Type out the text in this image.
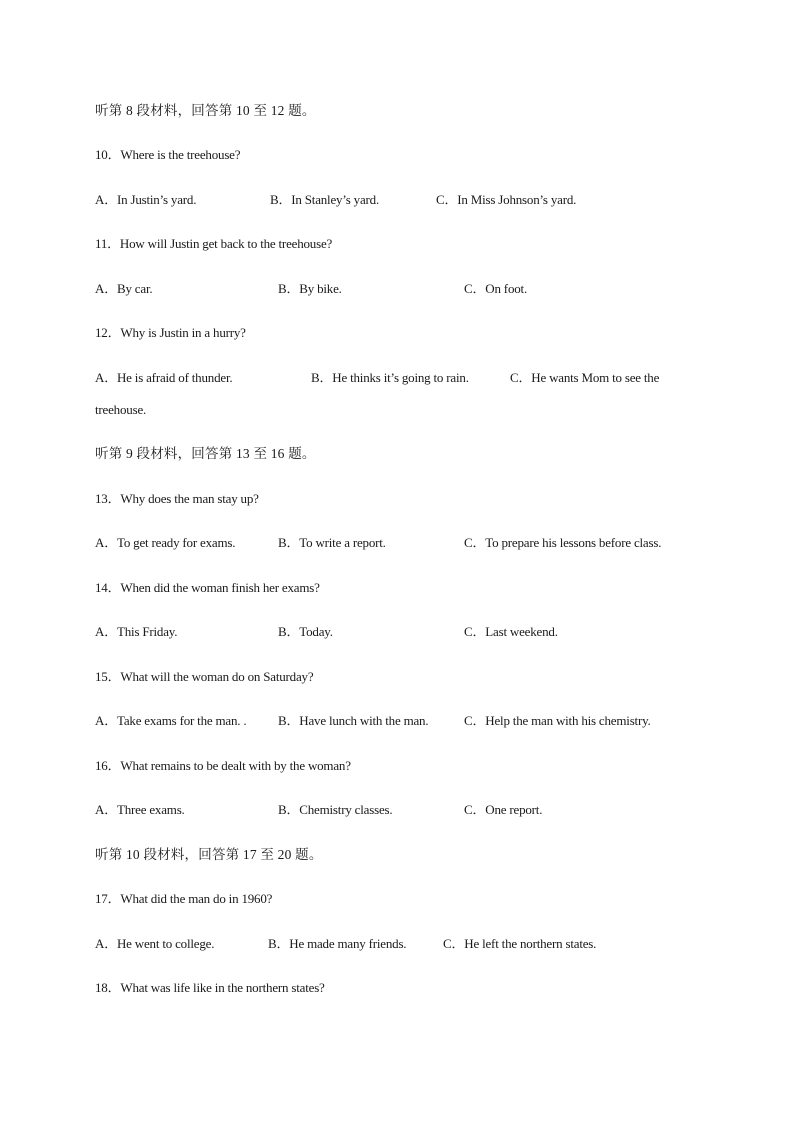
听第 8 段材料，回答第 10 至 12 题。
10．Where is the treehouse?
A．In Justin’s yard.	B．In Stanley’s yard.	C．In Miss Johnson’s yard.
11．How will Justin get back to the treehouse?
A．By car.	B．By bike.	C．On foot.
12．Why is Justin in a hurry?
A．He is afraid of thunder.	B．He thinks it’s going to rain.	C．He wants Mom to see the
treehouse.
听第 9 段材料，回答第 13 至 16 题。
13．Why does the man stay up?
A．To get ready for exams.	B．To write a report.	C．To prepare his lessons before class.
14．When did the woman finish her exams?
A．This Friday.	B．Today.	C．Last weekend.
15．What will the woman do on Saturday?
A．Take exams for the man. . B．Have lunch with the man.	C．Help the man with his chemistry.
16．What remains to be dealt with by the woman?
A．Three exams.	B．Chemistry classes.	C．One report.
听第 10 段材料，回答第 17 至 20 题。
17．What did the man do in 1960?
A．He went to college.	B．He made many friends.	C．He left the northern states.
18．What was life like in the northern states?
